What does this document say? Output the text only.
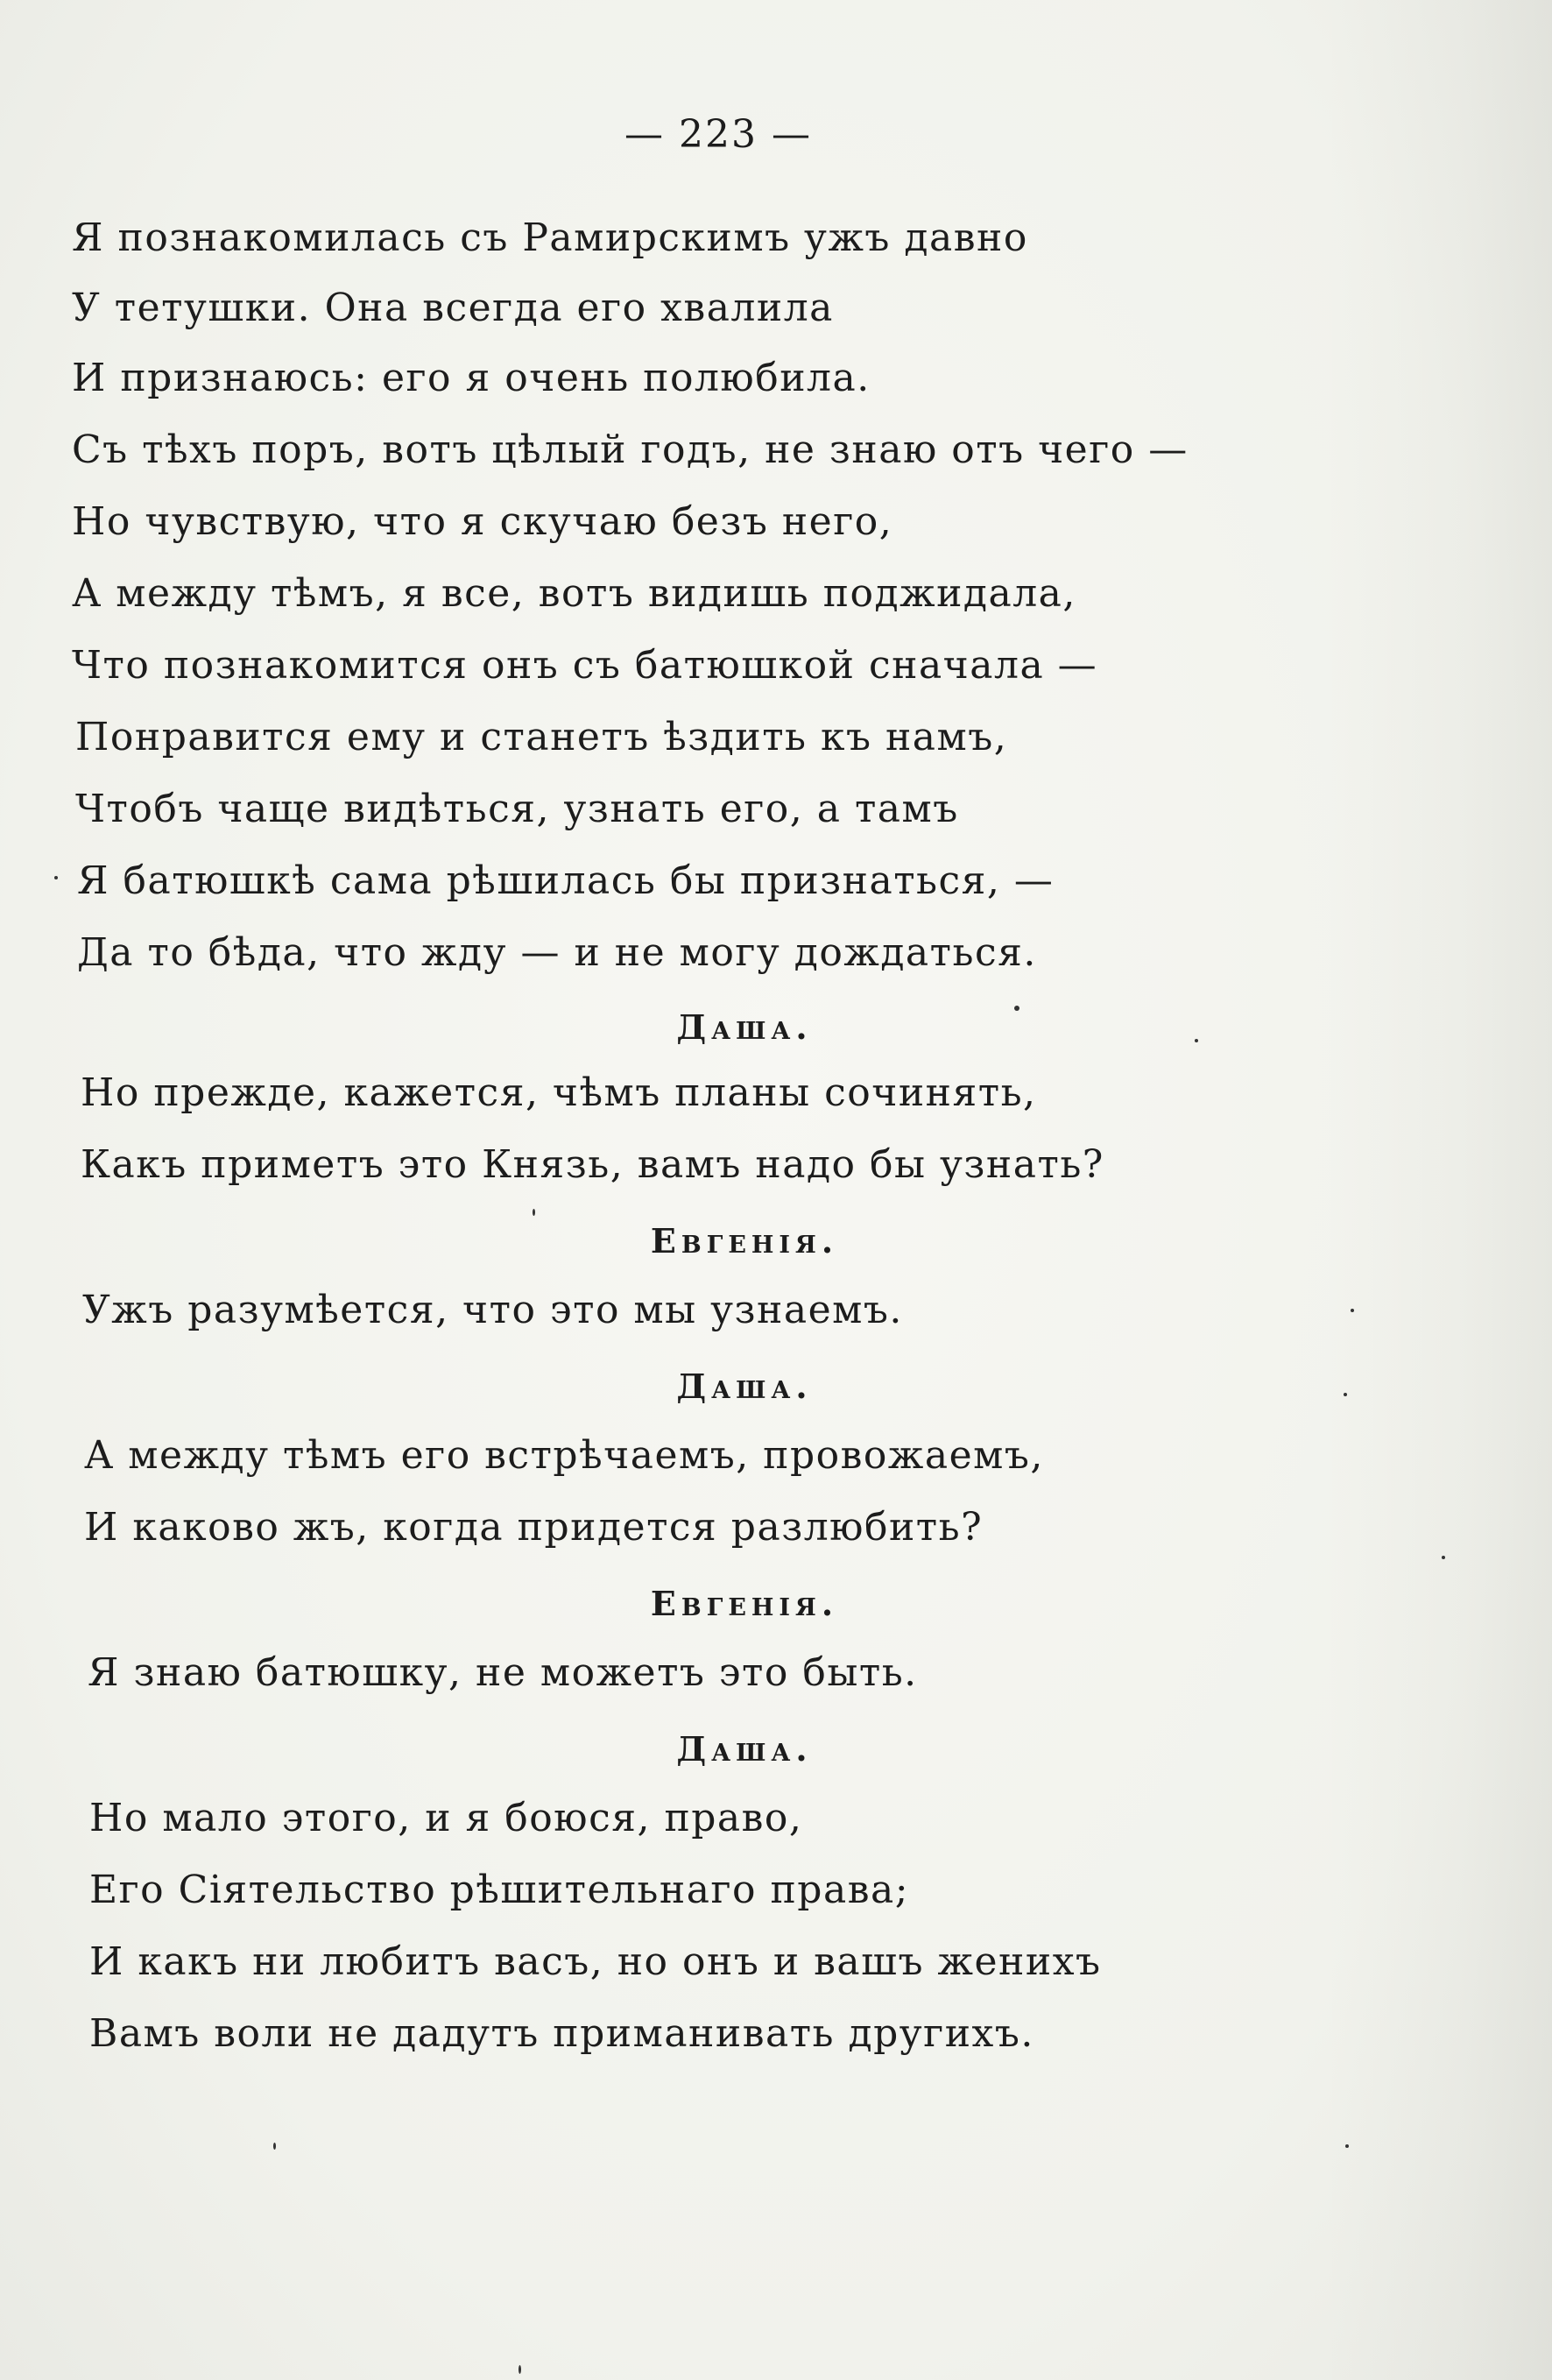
— 223 —
Я познакомилась съ Рамирскимъ ужъ давно
У тетушки. Она всегда его хвалила
И признаюсь: его я очень полюбила.
Съ тѣхъ поръ, вотъ цѣлый годъ, не знаю отъ чего —
Но чувствую, что я скучаю безъ него,
А между тѣмъ, я все, вотъ видишь поджидала,
Что познакомится онъ съ батюшкой сначала —
Понравится ему и станетъ ѣздить къ намъ,
Чтобъ чаще видѣться, узнать его, а тамъ
Я батюшкѣ сама рѣшилась бы признаться, —
Да то бѣда, что жду — и не могу дождаться.
Даша.
Но прежде, кажется, чѣмъ планы сочинять,
Какъ приметъ это Князь, вамъ надо бы узнать?
Евгенія.
Ужъ разумѣется, что это мы узнаемъ.
Даша.
А между тѣмъ его встрѣчаемъ, провожаемъ,
И каково жъ, когда придется разлюбить?
Евгенія.
Я знаю батюшку, не можетъ это быть.
Даша.
Но мало этого, и я боюся, право,
Его Сіятельство рѣшительнаго права;
И какъ ни любитъ васъ, но онъ и вашъ женихъ
Вамъ воли не дадутъ приманивать другихъ.
